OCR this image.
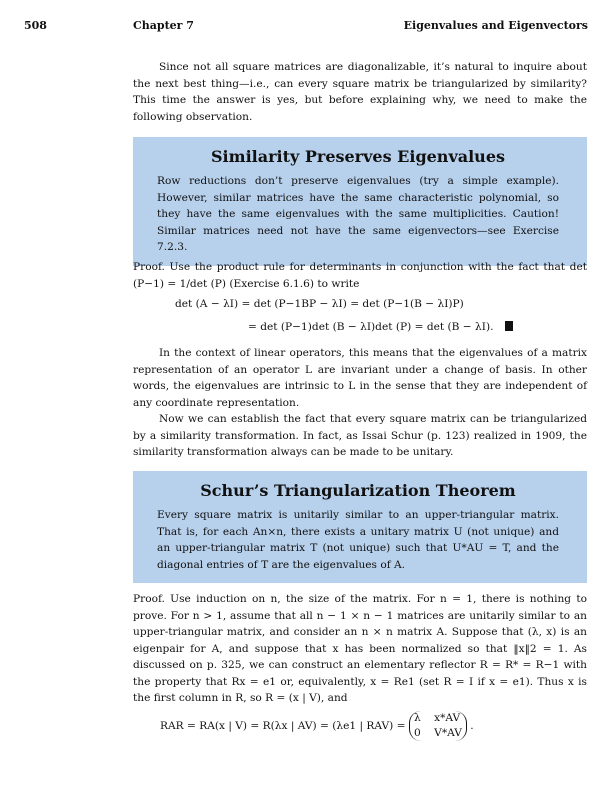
508	Chapter 7	Eigenvalues and Eigenvectors

Since not all square matrices are diagonalizable, it’s natural to inquire about the next best thing—i.e., can every square matrix be triangularized by similarity? This time the answer is yes, but before explaining why, we need to make the following observation.

Similarity Preserves Eigenvalues
Row reductions don’t preserve eigenvalues (try a simple example). However, similar matrices have the same characteristic polynomial, so they have the same eigenvalues with the same multiplicities. Caution! Similar matrices need not have the same eigenvectors—see Exercise 7.2.3.

Proof. Use the product rule for determinants in conjunction with the fact that det (P−1) = 1/det (P) (Exercise 6.1.6) to write

det (A − λI) = det (P−1BP − λI) = det (P−1(B − λI)P)
= det (P−1)det (B − λI)det (P) = det (B − λI).

In the context of linear operators, this means that the eigenvalues of a matrix representation of an operator L are invariant under a change of basis. In other words, the eigenvalues are intrinsic to L in the sense that they are independent of any coordinate representation.

Now we can establish the fact that every square matrix can be triangularized by a similarity transformation. In fact, as Issai Schur (p. 123) realized in 1909, the similarity transformation always can be made to be unitary.

Schur’s Triangularization Theorem
Every square matrix is unitarily similar to an upper-triangular matrix. That is, for each An×n, there exists a unitary matrix U (not unique) and an upper-triangular matrix T (not unique) such that U*AU = T, and the diagonal entries of T are the eigenvalues of A.

Proof. Use induction on n, the size of the matrix. For n = 1, there is nothing to prove. For n > 1, assume that all n − 1 × n − 1 matrices are unitarily similar to an upper-triangular matrix, and consider an n × n matrix A. Suppose that (λ, x) is an eigenpair for A, and suppose that x has been normalized so that ‖x‖2 = 1. As discussed on p. 325, we can construct an elementary reflector R = R* = R−1 with the property that Rx = e1 or, equivalently, x = Re1 (set R = I if x = e1). Thus x is the first column in R, so R = (x | V), and

RAR = RA(x | V) = R(λx | AV) = (λe1 | RAV) = λ x*AV
0 V*AV .
